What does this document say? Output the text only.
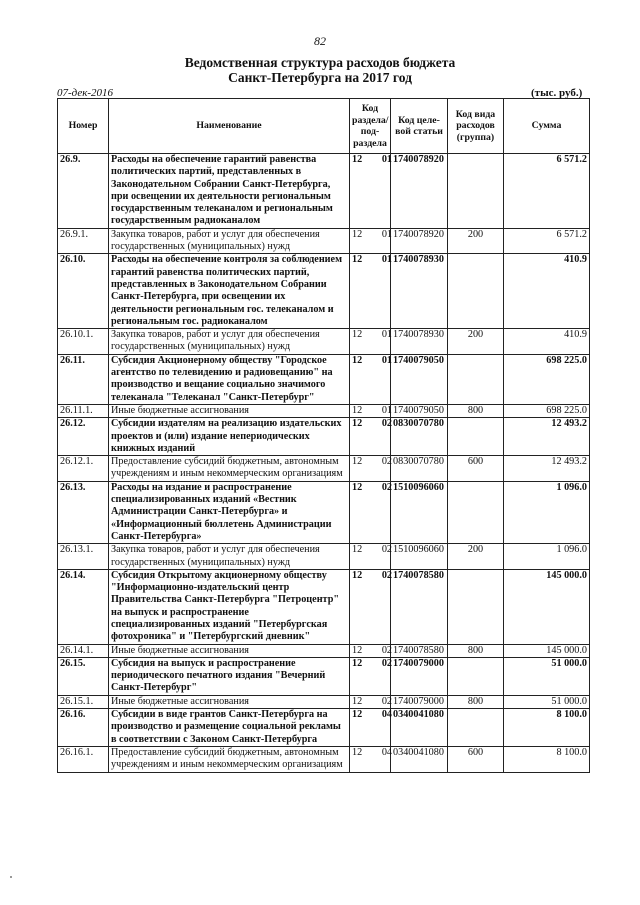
82
Ведомственная структура расходов бюджета
Санкт-Петербурга на 2017 год
07-дек-2016	(тыс. руб.)
Номер	Наименование	Код раздела/ под-раздела	Код целе-вой статьи	Код вида расходов (группа)	Сумма
26.9.	Расходы на обеспечение гарантий равенства политических партий, представленных в Законодательном Собрании Санкт-Петербурга, при освещении их деятельности региональным государственным телеканалом и региональным государственным радиоканалом	12 01	1740078920		6 571.2
26.9.1.	Закупка товаров, работ и услуг для обеспечения государственных (муниципальных) нужд	12 01	1740078920	200	6 571.2
26.10.	Расходы на обеспечение контроля за соблюдением гарантий равенства политических партий, представленных в Законодательном Собрании Санкт-Петербурга, при освещении их деятельности региональным гос. телеканалом и региональным гос. радиоканалом	12 01	1740078930		410.9
26.10.1.	Закупка товаров, работ и услуг для обеспечения государственных (муниципальных) нужд	12 01	1740078930	200	410.9
26.11.	Субсидия Акционерному обществу "Городское агентство по телевидению и радиовещанию" на производство и вещание социально значимого телеканала "Телеканал "Санкт-Петербург"	12 01	1740079050		698 225.0
26.11.1.	Иные бюджетные ассигнования	12 01	1740079050	800	698 225.0
26.12.	Субсидии издателям на реализацию издательских проектов и (или) издание непериодических книжных изданий	12 02	0830070780		12 493.2
26.12.1.	Предоставление субсидий бюджетным, автономным учреждениям и иным некоммерческим организациям	12 02	0830070780	600	12 493.2
26.13.	Расходы на издание и распространение специализированных изданий «Вестник Администрации Санкт-Петербурга» и «Информационный бюллетень Администрации Санкт-Петербурга»	12 02	1510096060		1 096.0
26.13.1.	Закупка товаров, работ и услуг для обеспечения государственных (муниципальных) нужд	12 02	1510096060	200	1 096.0
26.14.	Субсидия Открытому акционерному обществу "Информационно-издательский центр Правительства Санкт-Петербурга "Петроцентр" на выпуск и распространение специализированных изданий "Петербургская фотохроника" и "Петербургский дневник"	12 02	1740078580		145 000.0
26.14.1.	Иные бюджетные ассигнования	12 02	1740078580	800	145 000.0
26.15.	Субсидия на выпуск и распространение периодического печатного издания "Вечерний Санкт-Петербург"	12 02	1740079000		51 000.0
26.15.1.	Иные бюджетные ассигнования	12 02	1740079000	800	51 000.0
26.16.	Субсидии в виде грантов Санкт-Петербурга на производство и размещение социальной рекламы в соответствии с Законом Санкт-Петербурга	12 04	0340041080		8 100.0
26.16.1.	Предоставление субсидий бюджетным, автономным учреждениям и иным некоммерческим организациям	12 04	0340041080	600	8 100.0
